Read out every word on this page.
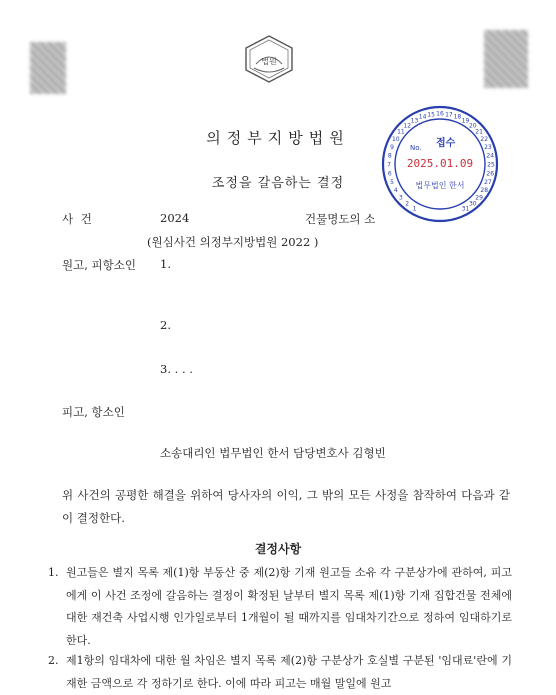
법원
의정부지방법원
조정을 갈음하는 결정
1
2
3
4
5
6
7
8
9
10
11
12
13
14 15 16 17 18
19
20
21
22
23
24
25
26
27
28
29
30
31
No. 접수
2025.01.09
법무법인 한서
사 건	2024	건물명도의 소
(원심사건 의정부지방법원 2022 )
원고, 피항소인 1.
2.
3. . . .
피고, 항소인
소송대리인 법무법인 한서 담당변호사 김형빈
위 사건의 공평한 해결을 위하여 당사자의 이익, 그 밖의 모든 사정을 참작하여 다음과 같이 결정한다.
결정사항
1. 원고들은 별지 목록 제(1)항 부동산 중 제(2)항 기재 원고들 소유 각 구분상가에 관하여, 피고에게 이 사건 조정에 갈음하는 결정이 확정된 날부터 별지 목록 제(1)항 기재 집합건물 전체에 대한 재건축 사업시행 인가일로부터 1개월이 될 때까지를 임대차기간으로 정하여 임대하기로 한다.
2. 제1항의 임대차에 대한 월 차임은 별지 목록 제(2)항 구분상가 호실별 구분된 '임대료'란에 기재한 금액으로 각 정하기로 한다. 이에 따라 피고는 매월 말일에 원고
